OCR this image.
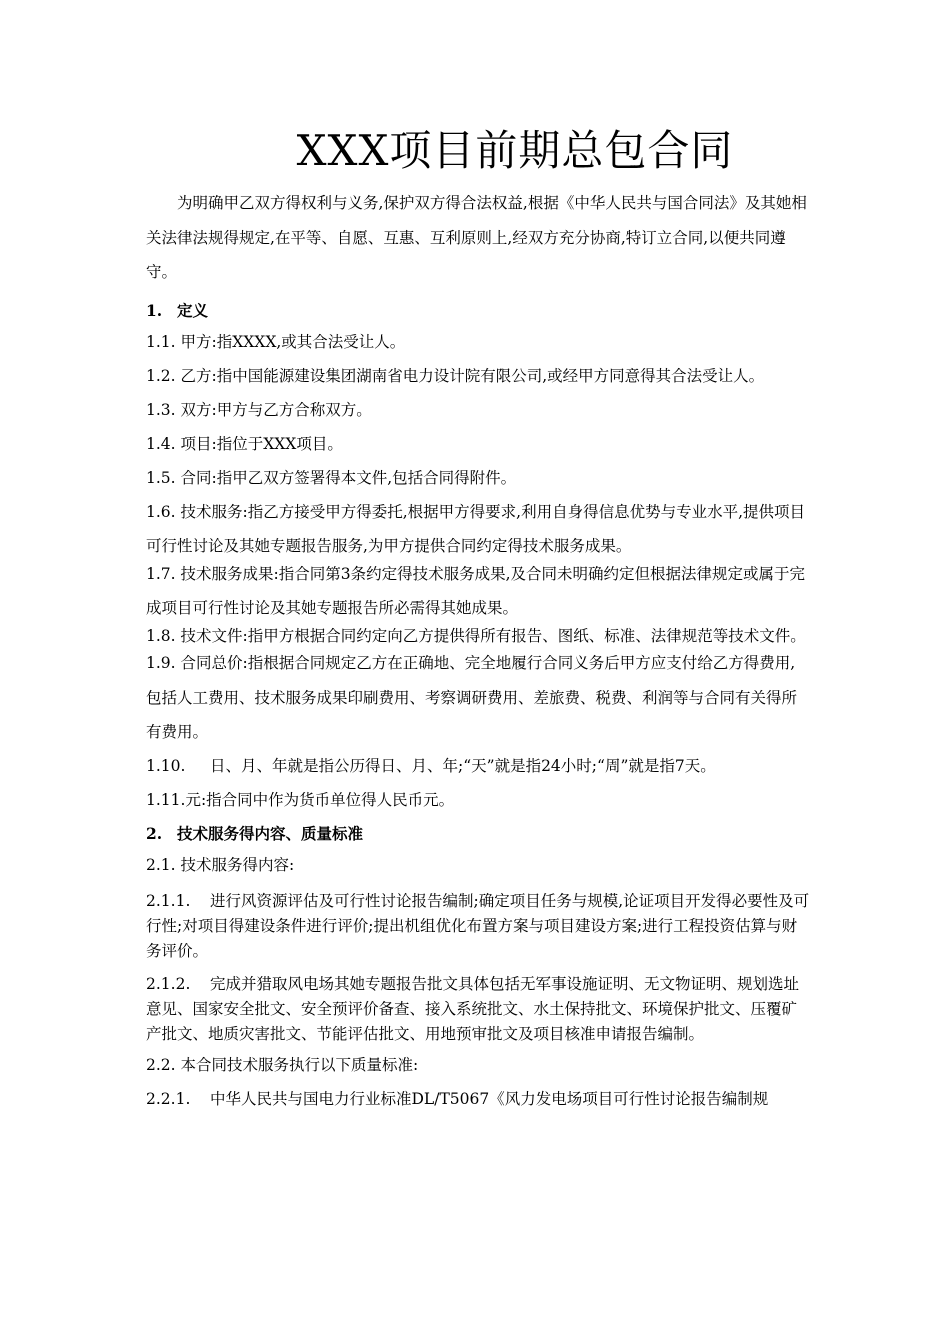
XXX项目前期总包合同

为明确甲乙双方得权利与义务,保护双方得合法权益,根据《中华人民共与国合同法》及其她相关法律法规得规定,在平等、自愿、互惠、互利原则上,经双方充分协商,特订立合同,以便共同遵守。

1. 定义

1.1. 甲方:指XXXX,或其合法受让人。

1.2. 乙方:指中国能源建设集团湖南省电力设计院有限公司,或经甲方同意得其合法受让人。

1.3. 双方:甲方与乙方合称双方。

1.4. 项目:指位于XXX项目。

1.5. 合同:指甲乙双方签署得本文件,包括合同得附件。

1.6. 技术服务:指乙方接受甲方得委托,根据甲方得要求,利用自身得信息优势与专业水平,提供项目可行性讨论及其她专题报告服务,为甲方提供合同约定得技术服务成果。

1.7. 技术服务成果:指合同第3条约定得技术服务成果,及合同未明确约定但根据法律规定或属于完成项目可行性讨论及其她专题报告所必需得其她成果。

1.8. 技术文件:指甲方根据合同约定向乙方提供得所有报告、图纸、标准、法律规范等技术文件。

1.9. 合同总价:指根据合同规定乙方在正确地、完全地履行合同义务后甲方应支付给乙方得费用,包括人工费用、技术服务成果印刷费用、考察调研费用、差旅费、税费、利润等与合同有关得所有费用。

1.10. 日、月、年就是指公历得日、月、年;“天”就是指24小时;“周”就是指7天。

1.11.元:指合同中作为货币单位得人民币元。

2. 技术服务得内容、质量标准

2.1. 技术服务得内容:

2.1.1. 进行风资源评估及可行性讨论报告编制;确定项目任务与规模,论证项目开发得必要性及可行性;对项目得建设条件进行评价;提出机组优化布置方案与项目建设方案;进行工程投资估算与财务评价。

2.1.2. 完成并猎取风电场其她专题报告批文具体包括无军事设施证明、无文物证明、规划选址意见、国家安全批文、安全预评价备查、接入系统批文、水土保持批文、环境保护批文、压覆矿产批文、地质灾害批文、节能评估批文、用地预审批文及项目核准申请报告编制。

2.2. 本合同技术服务执行以下质量标准:

2.2.1. 中华人民共与国电力行业标准DL/T5067《风力发电场项目可行性讨论报告编制规
